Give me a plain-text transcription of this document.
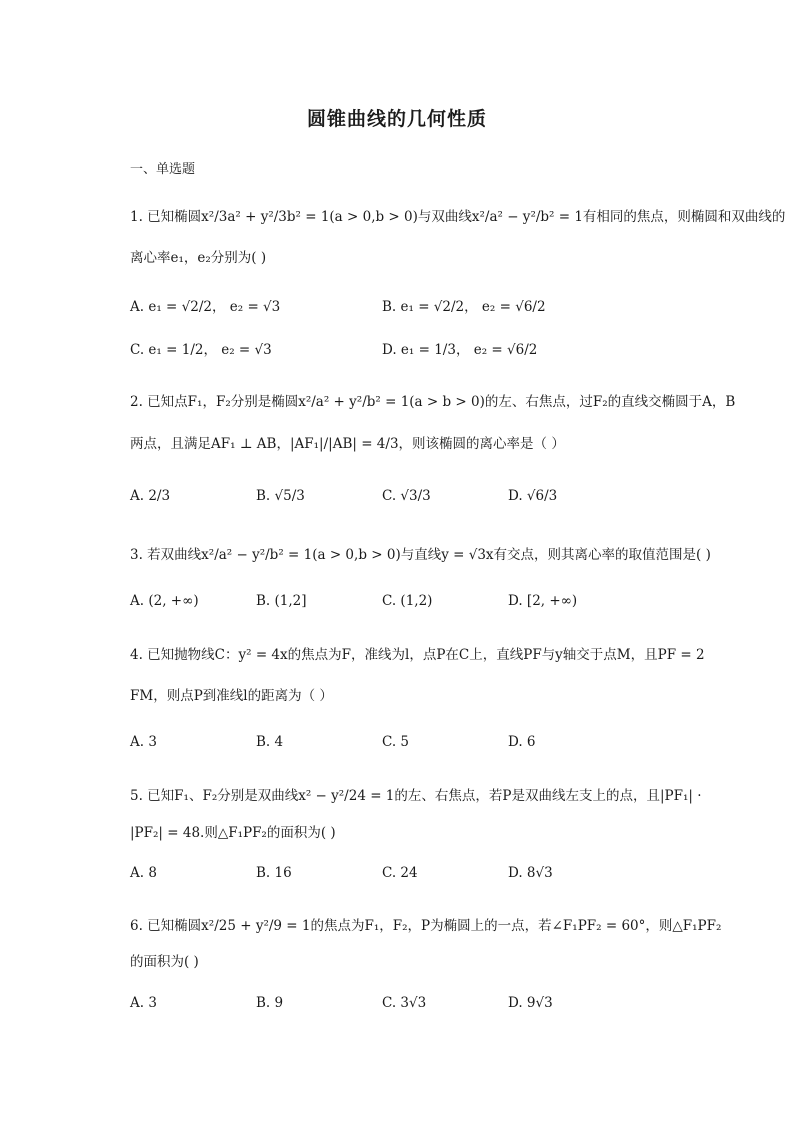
圆锥曲线的几何性质
一、单选题
1. 已知椭圆x²/3a² + y²/3b² = 1(a > 0,b > 0)与双曲线x²/a² − y²/b² = 1有相同的焦点，则椭圆和双曲线的
离心率e₁，e₂分别为( )
A. e₁ = √2/2， e₂ = √3	B. e₁ = √2/2， e₂ = √6/2
C. e₁ = 1/2， e₂ = √3	D. e₁ = 1/3， e₂ = √6/2
2. 已知点F₁，F₂分别是椭圆x²/a² + y²/b² = 1(a > b > 0)的左、右焦点，过F₂的直线交椭圆于A，B
两点，且满足AF₁ ⊥ AB，|AF₁|/|AB| = 4/3，则该椭圆的离心率是（ ）
A. 2/3	B. √5/3	C. √3/3	D. √6/3
3. 若双曲线x²/a² − y²/b² = 1(a > 0,b > 0)与直线y = √3x有交点，则其离心率的取值范围是( )
A. (2, +∞)	B. (1,2]	C. (1,2)	D. [2, +∞)
4. 已知抛物线C：y² = 4x的焦点为F，准线为l，点P在C上，直线PF与y轴交于点M，且PF = 2
FM，则点P到准线l的距离为（ ）
A. 3	B. 4	C. 5	D. 6
5. 已知F₁、F₂分别是双曲线x² − y²/24 = 1的左、右焦点，若P是双曲线左支上的点，且|PF₁| ·
|PF₂| = 48.则△F₁PF₂的面积为( )
A. 8	B. 16	C. 24	D. 8√3
6. 已知椭圆x²/25 + y²/9 = 1的焦点为F₁，F₂，P为椭圆上的一点，若∠F₁PF₂ = 60°，则△F₁PF₂
的面积为( )
A. 3	B. 9	C. 3√3	D. 9√3
